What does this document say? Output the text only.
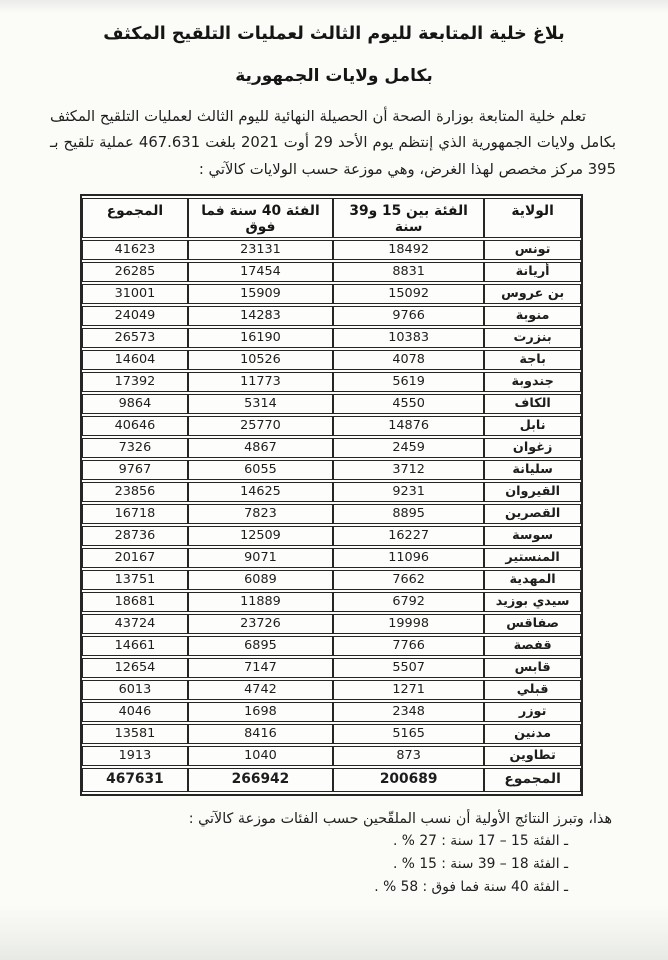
بلاغ خلية المتابعة لليوم الثالث لعمليات التلقيح المكثف
بكامل ولايات الجمهورية

تعلم خلية المتابعة بوزارة الصحة أن الحصيلة النهائية لليوم الثالث لعمليات التلقيح المكثف بكامل ولايات الجمهورية الذي إنتظم يوم الأحد 29 أوت 2021 بلغت 467.631 عملية تلقيح بـ 395 مركز مخصص لهذا الغرض، وهي موزعة حسب الولايات كالآتي :

الولاية	الفئة بين 15 و39 سنة	الفئة 40 سنة فما فوق	المجموع
تونس	18492	23131	41623
أريانة	8831	17454	26285
بن عروس	15092	15909	31001
منوبة	9766	14283	24049
بنزرت	10383	16190	26573
باجة	4078	10526	14604
جندوبة	5619	11773	17392
الكاف	4550	5314	9864
نابل	14876	25770	40646
زغوان	2459	4867	7326
سليانة	3712	6055	9767
القيروان	9231	14625	23856
القصرين	8895	7823	16718
سوسة	16227	12509	28736
المنستير	11096	9071	20167
المهدية	7662	6089	13751
سيدي بوزيد	6792	11889	18681
صفاقس	19998	23726	43724
قفصة	7766	6895	14661
قابس	5507	7147	12654
قبلي	1271	4742	6013
توزر	2348	1698	4046
مدنين	5165	8416	13581
تطاوين	873	1040	1913
المجموع	200689	266942	467631
هذا، وتبرز النتائج الأولية أن نسب الملقّحين حسب الفئات موزعة كالآتي :
ـ الفئة 15 – 17 سنة : 27 % .
ـ الفئة 18 – 39 سنة : 15 % .
ـ الفئة 40 سنة فما فوق : 58 % .
